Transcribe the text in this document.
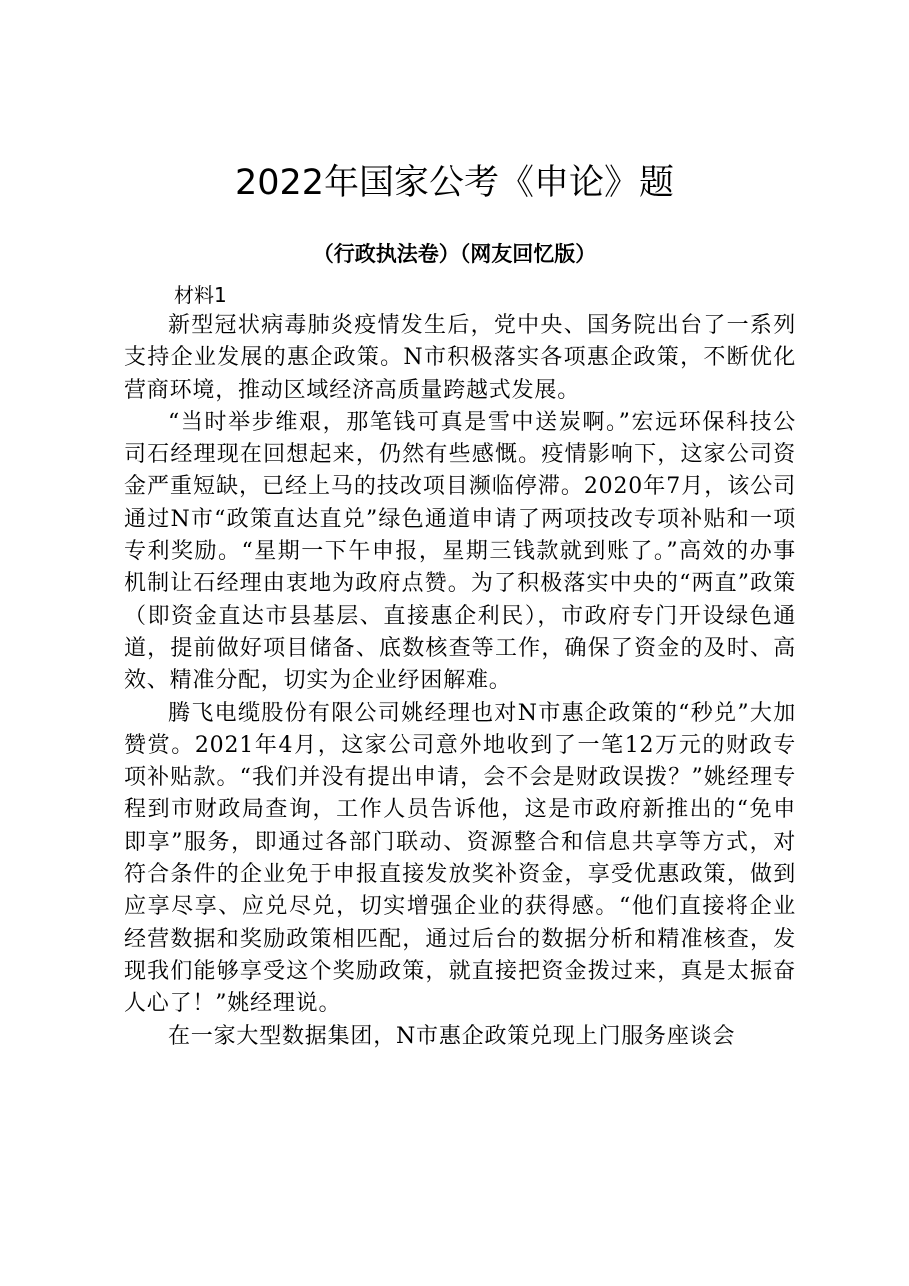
2022年国家公考《申论》题
（行政执法卷）（网友回忆版）
材料1

新型冠状病毒肺炎疫情发生后，党中央、国务院出台了一系列支持企业发展的惠企政策。N市积极落实各项惠企政策，不断优化营商环境，推动区域经济高质量跨越式发展。

“当时举步维艰，那笔钱可真是雪中送炭啊。”宏远环保科技公司石经理现在回想起来，仍然有些感慨。疫情影响下，这家公司资金严重短缺，已经上马的技改项目濒临停滞。2020年7月，该公司通过N市“政策直达直兑”绿色通道申请了两项技改专项补贴和一项专利奖励。“星期一下午申报，星期三钱款就到账了。”高效的办事机制让石经理由衷地为政府点赞。为了积极落实中央的“两直”政策（即资金直达市县基层、直接惠企利民），市政府专门开设绿色通道，提前做好项目储备、底数核查等工作，确保了资金的及时、高效、精准分配，切实为企业纾困解难。

腾飞电缆股份有限公司姚经理也对N市惠企政策的“秒兑”大加赞赏。2021年4月，这家公司意外地收到了一笔12万元的财政专项补贴款。“我们并没有提出申请，会不会是财政误拨？”姚经理专程到市财政局查询，工作人员告诉他，这是市政府新推出的“免申即享”服务，即通过各部门联动、资源整合和信息共享等方式，对符合条件的企业免于申报直接发放奖补资金，享受优惠政策，做到应享尽享、应兑尽兑，切实增强企业的获得感。“他们直接将企业经营数据和奖励政策相匹配，通过后台的数据分析和精准核查，发现我们能够享受这个奖励政策，就直接把资金拨过来，真是太振奋人心了！”姚经理说。

在一家大型数据集团，N市惠企政策兑现上门服务座谈会
